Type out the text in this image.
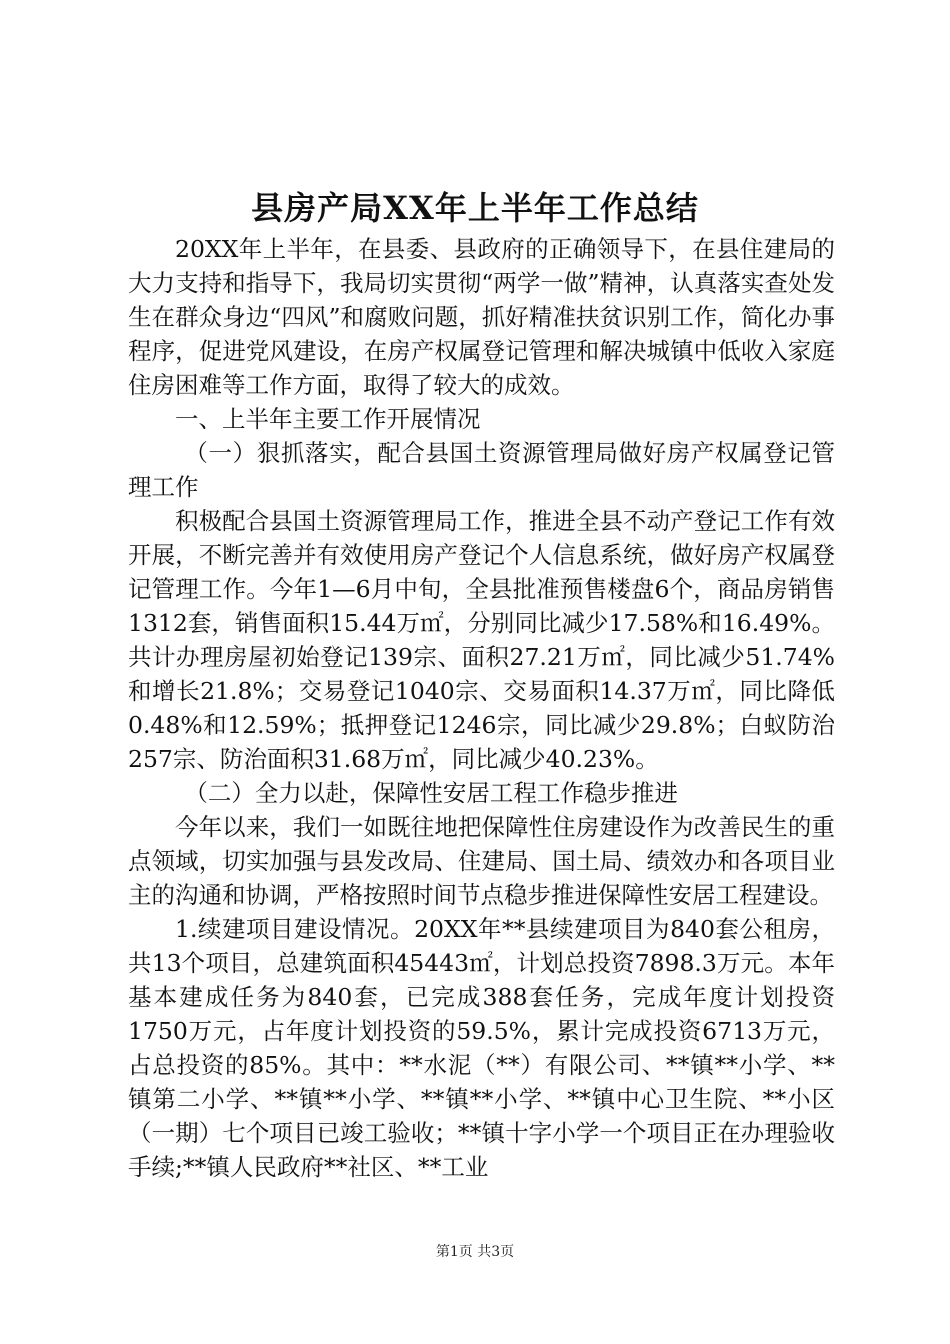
县房产局XX年上半年工作总结

20XX年上半年，在县委、县政府的正确领导下，在县住建局的大力支持和指导下，我局切实贯彻“两学一做”精神，认真落实查处发生在群众身边“四风”和腐败问题，抓好精准扶贫识别工作，简化办事程序，促进党风建设，在房产权属登记管理和解决城镇中低收入家庭住房困难等工作方面，取得了较大的成效。

一、上半年主要工作开展情况

（一）狠抓落实，配合县国土资源管理局做好房产权属登记管理工作

积极配合县国土资源管理局工作，推进全县不动产登记工作有效开展，不断完善并有效使用房产登记个人信息系统，做好房产权属登记管理工作。今年1—6月中旬，全县批准预售楼盘6个，商品房销售1312套，销售面积15.44万㎡，分别同比减少17.58%和16.49%。共计办理房屋初始登记139宗、面积27.21万㎡，同比减少51.74%和增长21.8%；交易登记1040宗、交易面积14.37万㎡，同比降低0.48%和12.59%；抵押登记1246宗，同比减少29.8%；白蚁防治257宗、防治面积31.68万㎡，同比减少40.23%。

（二）全力以赴，保障性安居工程工作稳步推进

今年以来，我们一如既往地把保障性住房建设作为改善民生的重点领域，切实加强与县发改局、住建局、国土局、绩效办和各项目业主的沟通和协调，严格按照时间节点稳步推进保障性安居工程建设。

1.续建项目建设情况。20XX年**县续建项目为840套公租房，共13个项目，总建筑面积45443㎡，计划总投资7898.3万元。本年基本建成任务为840套，已完成388套任务，完成年度计划投资1750万元，占年度计划投资的59.5%，累计完成投资6713万元，占总投资的85%。其中：**水泥（**）有限公司、**镇**小学、**镇第二小学、**镇**小学、**镇**小学、**镇中心卫生院、**小区（一期）七个项目已竣工验收；**镇十字小学一个项目正在办理验收手续;**镇人民政府**社区、**工业

第1页 共3页
